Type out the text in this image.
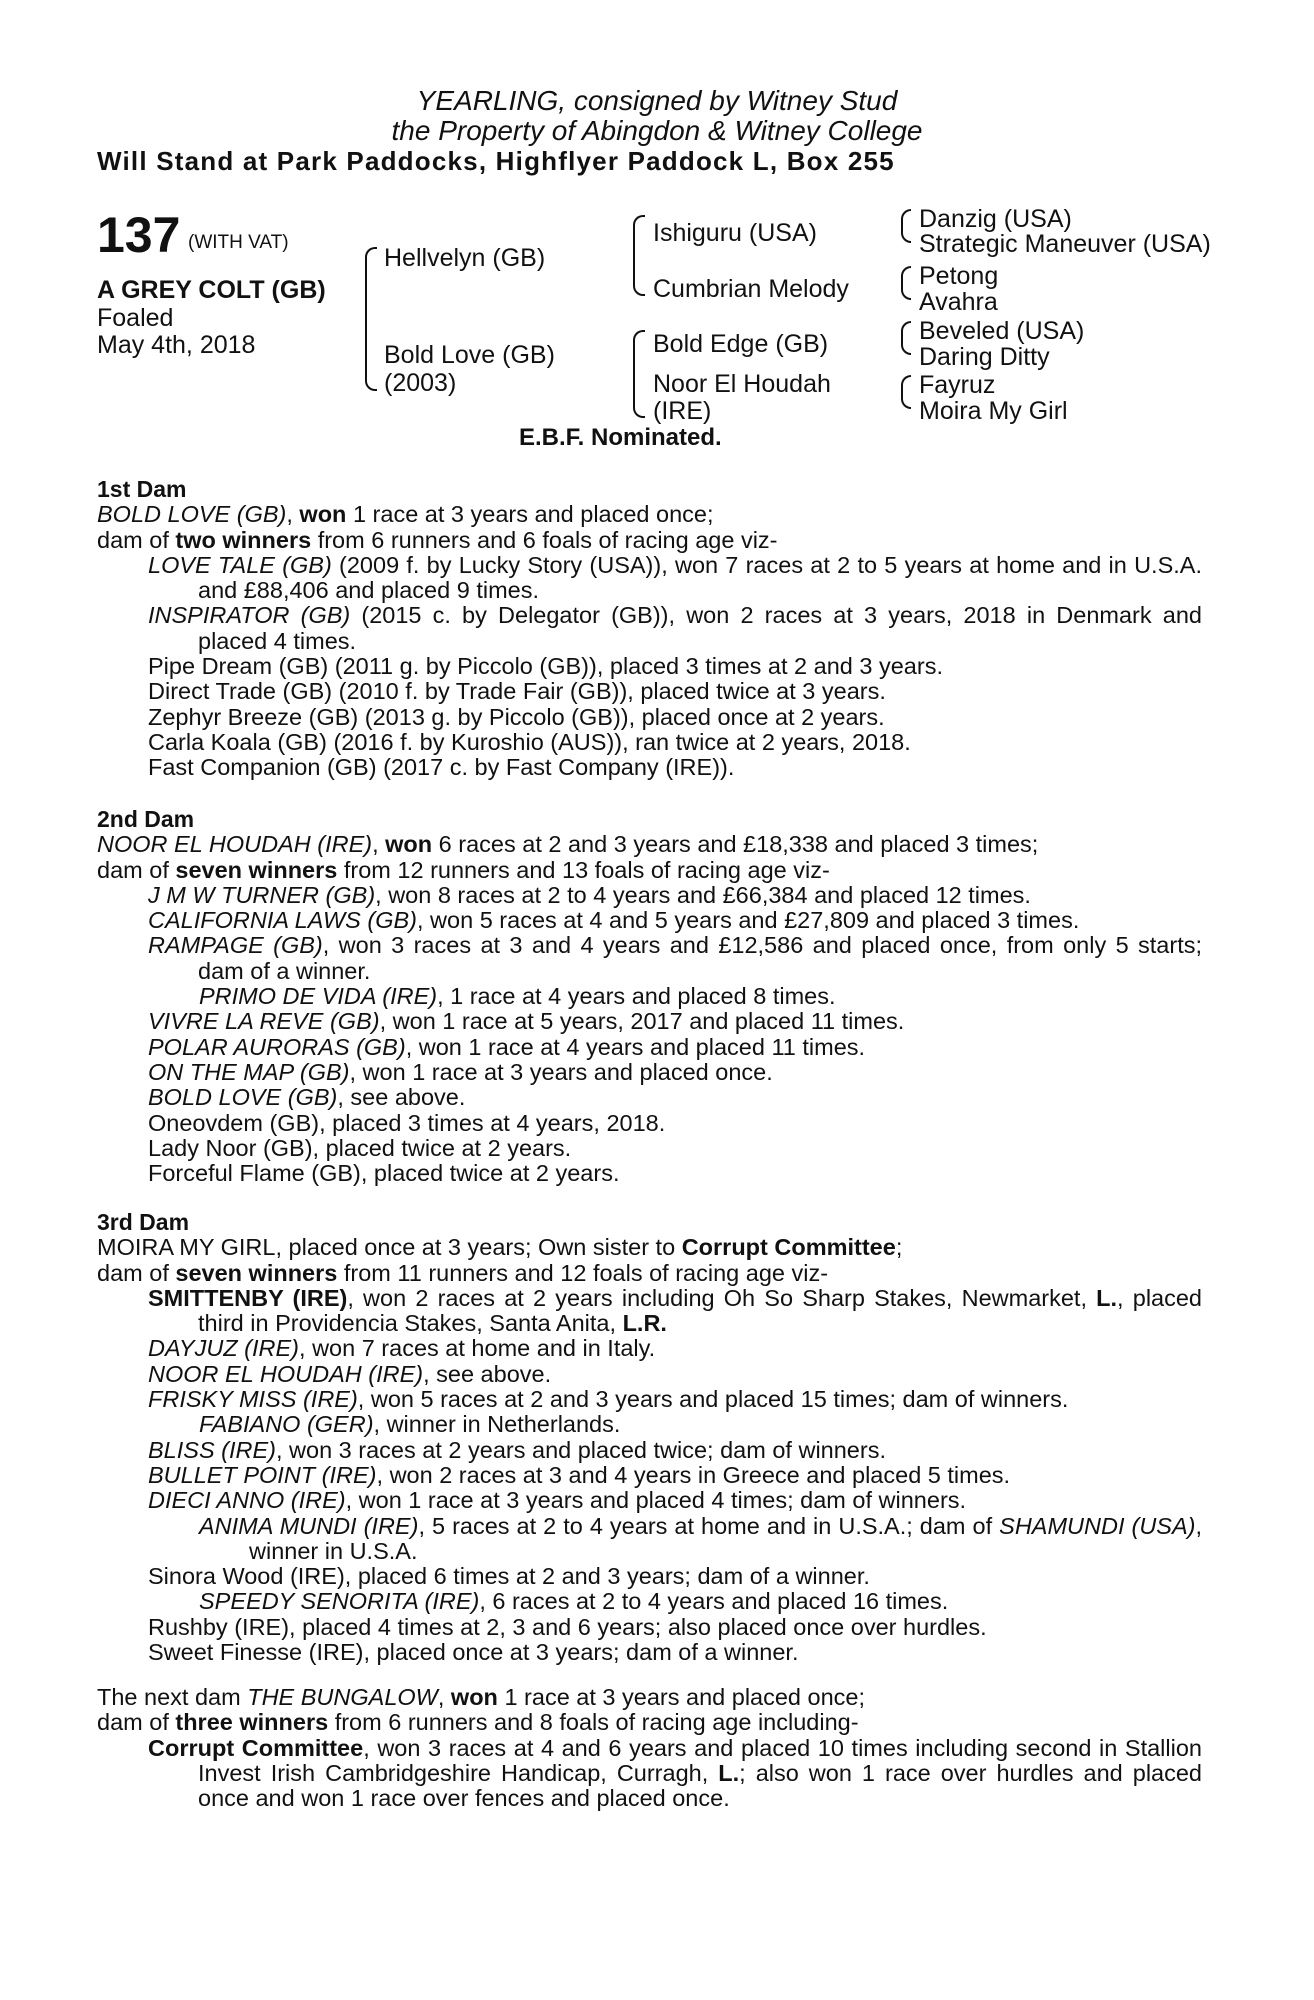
YEARLING, consigned by Witney Stud
the Property of Abingdon & Witney College
Will Stand at Park Paddocks, Highflyer Paddock L, Box 255
137 (WITH VAT)
A GREY COLT (GB)
Foaled
May 4th, 2018
Hellvelyn (GB)
Bold Love (GB)
(2003)
Ishiguru (USA)
Cumbrian Melody
Bold Edge (GB)
Noor El Houdah
(IRE)
Danzig (USA)
Strategic Maneuver (USA)
Petong
Avahra
Beveled (USA)
Daring Ditty
Fayruz
Moira My Girl
E.B.F. Nominated.
1st Dam
BOLD LOVE (GB), won 1 race at 3 years and placed once;
dam of two winners from 6 runners and 6 foals of racing age viz-
LOVE TALE (GB) (2009 f. by Lucky Story (USA)), won 7 races at 2 to 5 years at home and in U.S.A. and £88,406 and placed 9 times.
INSPIRATOR (GB) (2015 c. by Delegator (GB)), won 2 races at 3 years, 2018 in Denmark and placed 4 times.
Pipe Dream (GB) (2011 g. by Piccolo (GB)), placed 3 times at 2 and 3 years.
Direct Trade (GB) (2010 f. by Trade Fair (GB)), placed twice at 3 years.
Zephyr Breeze (GB) (2013 g. by Piccolo (GB)), placed once at 2 years.
Carla Koala (GB) (2016 f. by Kuroshio (AUS)), ran twice at 2 years, 2018.
Fast Companion (GB) (2017 c. by Fast Company (IRE)).
2nd Dam
NOOR EL HOUDAH (IRE), won 6 races at 2 and 3 years and £18,338 and placed 3 times;
dam of seven winners from 12 runners and 13 foals of racing age viz-
J M W TURNER (GB), won 8 races at 2 to 4 years and £66,384 and placed 12 times.
CALIFORNIA LAWS (GB), won 5 races at 4 and 5 years and £27,809 and placed 3 times.
RAMPAGE (GB), won 3 races at 3 and 4 years and £12,586 and placed once, from only 5 starts; dam of a winner.
PRIMO DE VIDA (IRE), 1 race at 4 years and placed 8 times.
VIVRE LA REVE (GB), won 1 race at 5 years, 2017 and placed 11 times.
POLAR AURORAS (GB), won 1 race at 4 years and placed 11 times.
ON THE MAP (GB), won 1 race at 3 years and placed once.
BOLD LOVE (GB), see above.
Oneovdem (GB), placed 3 times at 4 years, 2018.
Lady Noor (GB), placed twice at 2 years.
Forceful Flame (GB), placed twice at 2 years.
3rd Dam
MOIRA MY GIRL, placed once at 3 years; Own sister to Corrupt Committee;
dam of seven winners from 11 runners and 12 foals of racing age viz-
SMITTENBY (IRE), won 2 races at 2 years including Oh So Sharp Stakes, Newmarket, L., placed third in Providencia Stakes, Santa Anita, L.R.
DAYJUZ (IRE), won 7 races at home and in Italy.
NOOR EL HOUDAH (IRE), see above.
FRISKY MISS (IRE), won 5 races at 2 and 3 years and placed 15 times; dam of winners.
FABIANO (GER), winner in Netherlands.
BLISS (IRE), won 3 races at 2 years and placed twice; dam of winners.
BULLET POINT (IRE), won 2 races at 3 and 4 years in Greece and placed 5 times.
DIECI ANNO (IRE), won 1 race at 3 years and placed 4 times; dam of winners.
ANIMA MUNDI (IRE), 5 races at 2 to 4 years at home and in U.S.A.; dam of SHAMUNDI (USA), winner in U.S.A.
Sinora Wood (IRE), placed 6 times at 2 and 3 years; dam of a winner.
SPEEDY SENORITA (IRE), 6 races at 2 to 4 years and placed 16 times.
Rushby (IRE), placed 4 times at 2, 3 and 6 years; also placed once over hurdles.
Sweet Finesse (IRE), placed once at 3 years; dam of a winner.
The next dam THE BUNGALOW, won 1 race at 3 years and placed once;
dam of three winners from 6 runners and 8 foals of racing age including-
Corrupt Committee, won 3 races at 4 and 6 years and placed 10 times including second in Stallion Invest Irish Cambridgeshire Handicap, Curragh, L.; also won 1 race over hurdles and placed once and won 1 race over fences and placed once.
